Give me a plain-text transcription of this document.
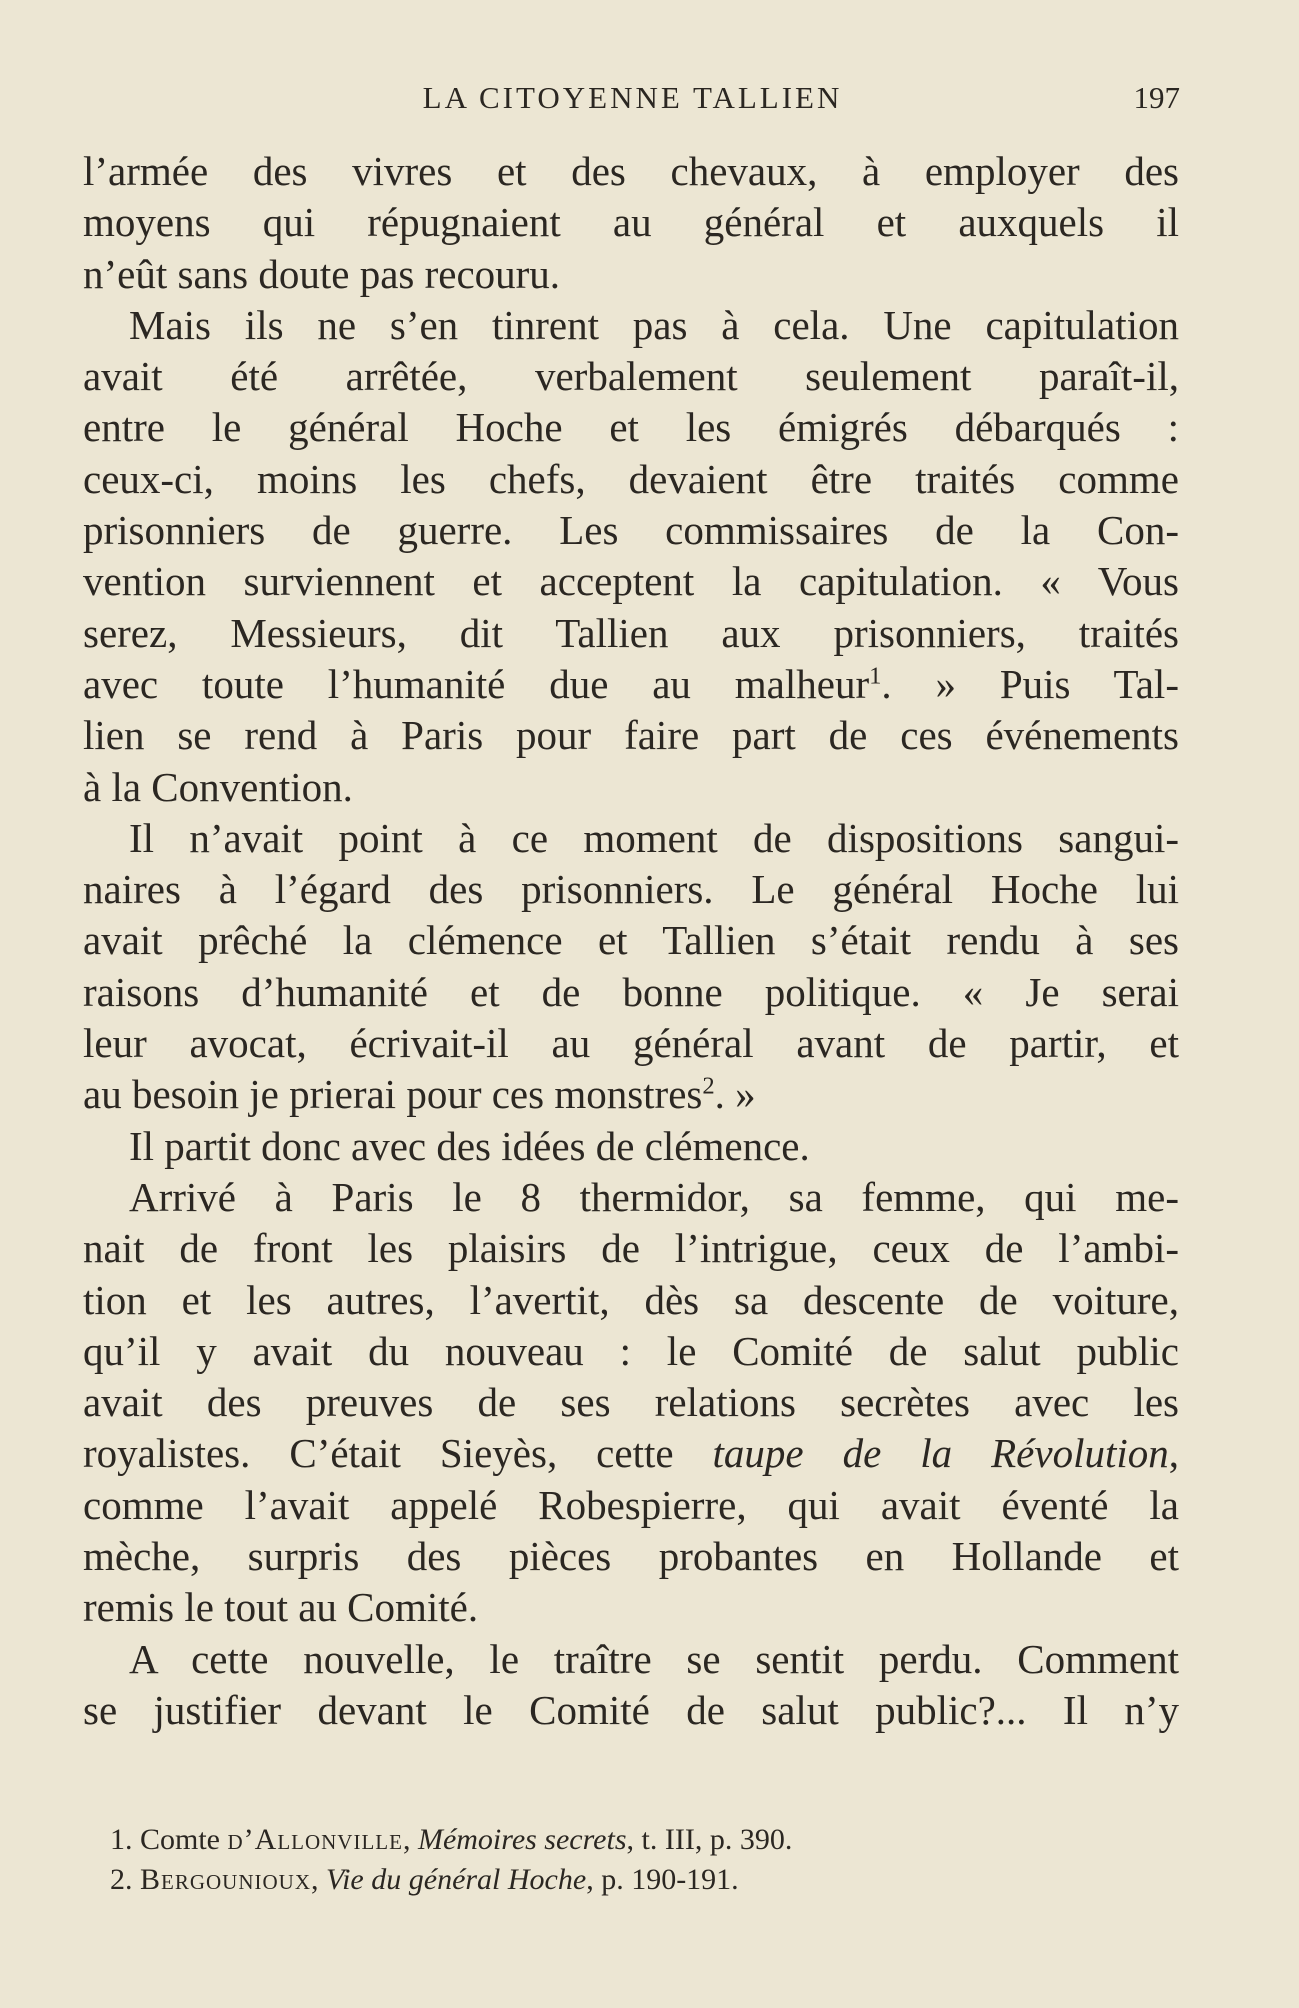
LA CITOYENNE TALLIEN	197
l’armée des vivres et des chevaux, à employer des
moyens qui répugnaient au général et auxquels il
n’eût sans doute pas recouru.
Mais ils ne s’en tinrent pas à cela. Une capitulation
avait été arrêtée, verbalement seulement paraît-il,
entre le général Hoche et les émigrés débarqués :
ceux-ci, moins les chefs, devaient être traités comme
prisonniers de guerre. Les commissaires de la Con-
vention surviennent et acceptent la capitulation. « Vous
serez, Messieurs, dit Tallien aux prisonniers, traités
avec toute l’humanité due au malheur$^1$. » Puis Tal-
lien se rend à Paris pour faire part de ces événements
à la Convention.
Il n’avait point à ce moment de dispositions sangui-
naires à l’égard des prisonniers. Le général Hoche lui
avait prêché la clémence et Tallien s’était rendu à ses
raisons d’humanité et de bonne politique. « Je serai
leur avocat, écrivait-il au général avant de partir, et
au besoin je prierai pour ces monstres$^2$. »
Il partit donc avec des idées de clémence.
Arrivé à Paris le 8 thermidor, sa femme, qui me-
nait de front les plaisirs de l’intrigue, ceux de l’ambi-
tion et les autres, l’avertit, dès sa descente de voiture,
qu’il y avait du nouveau : le Comité de salut public
avait des preuves de ses relations secrètes avec les
royalistes. C’était Sieyès, cette taupe de la Révolution,
comme l’avait appelé Robespierre, qui avait éventé la
mèche, surpris des pièces probantes en Hollande et
remis le tout au Comité.
A cette nouvelle, le traître se sentit perdu. Comment
se justifier devant le Comité de salut public?... Il n’y
1. Comte d’Allonville, Mémoires secrets, t. III, p. 390.
2. Bergounioux, Vie du général Hoche, p. 190-191.
